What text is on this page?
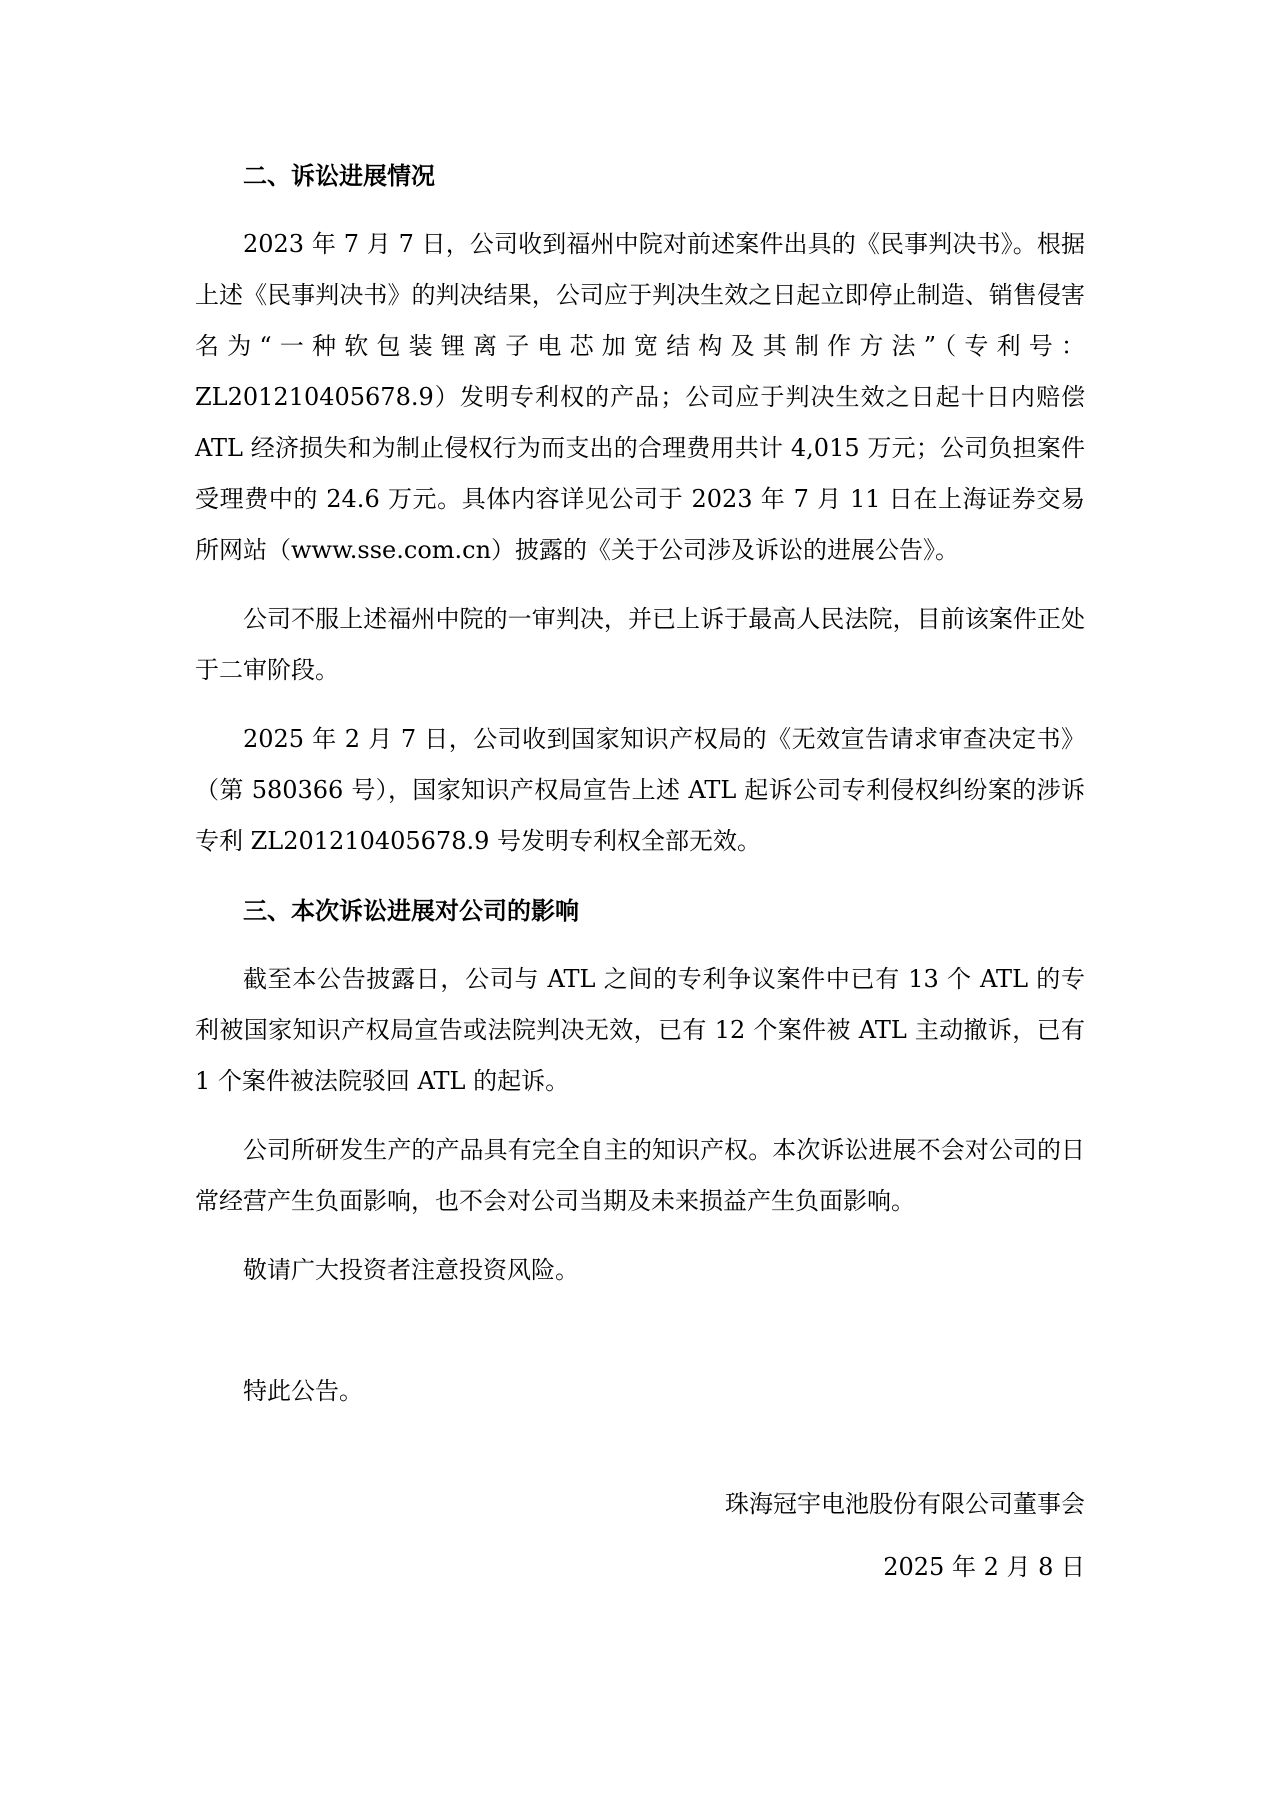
二、诉讼进展情况

2023 年 7 月 7 日，公司收到福州中院对前述案件出具的《民事判决书》。根据上述《民事判决书》的判决结果，公司应于判决生效之日起立即停止制造、销售侵害名为“一种软包装锂离子电芯加宽结构及其制作方法”（专利号：ZL201210405678.9）发明专利权的产品；公司应于判决生效之日起十日内赔偿 ATL 经济损失和为制止侵权行为而支出的合理费用共计 4,015 万元；公司负担案件受理费中的 24.6 万元。具体内容详见公司于 2023 年 7 月 11 日在上海证券交易所网站（www.sse.com.cn）披露的《关于公司涉及诉讼的进展公告》。

公司不服上述福州中院的一审判决，并已上诉于最高人民法院，目前该案件正处于二审阶段。

2025 年 2 月 7 日，公司收到国家知识产权局的《无效宣告请求审查决定书》（第 580366 号），国家知识产权局宣告上述 ATL 起诉公司专利侵权纠纷案的涉诉专利 ZL201210405678.9 号发明专利权全部无效。

三、本次诉讼进展对公司的影响

截至本公告披露日，公司与 ATL 之间的专利争议案件中已有 13 个 ATL 的专利被国家知识产权局宣告或法院判决无效，已有 12 个案件被 ATL 主动撤诉，已有 1 个案件被法院驳回 ATL 的起诉。

公司所研发生产的产品具有完全自主的知识产权。本次诉讼进展不会对公司的日常经营产生负面影响，也不会对公司当期及未来损益产生负面影响。

敬请广大投资者注意投资风险。

特此公告。

珠海冠宇电池股份有限公司董事会

2025 年 2 月 8 日
